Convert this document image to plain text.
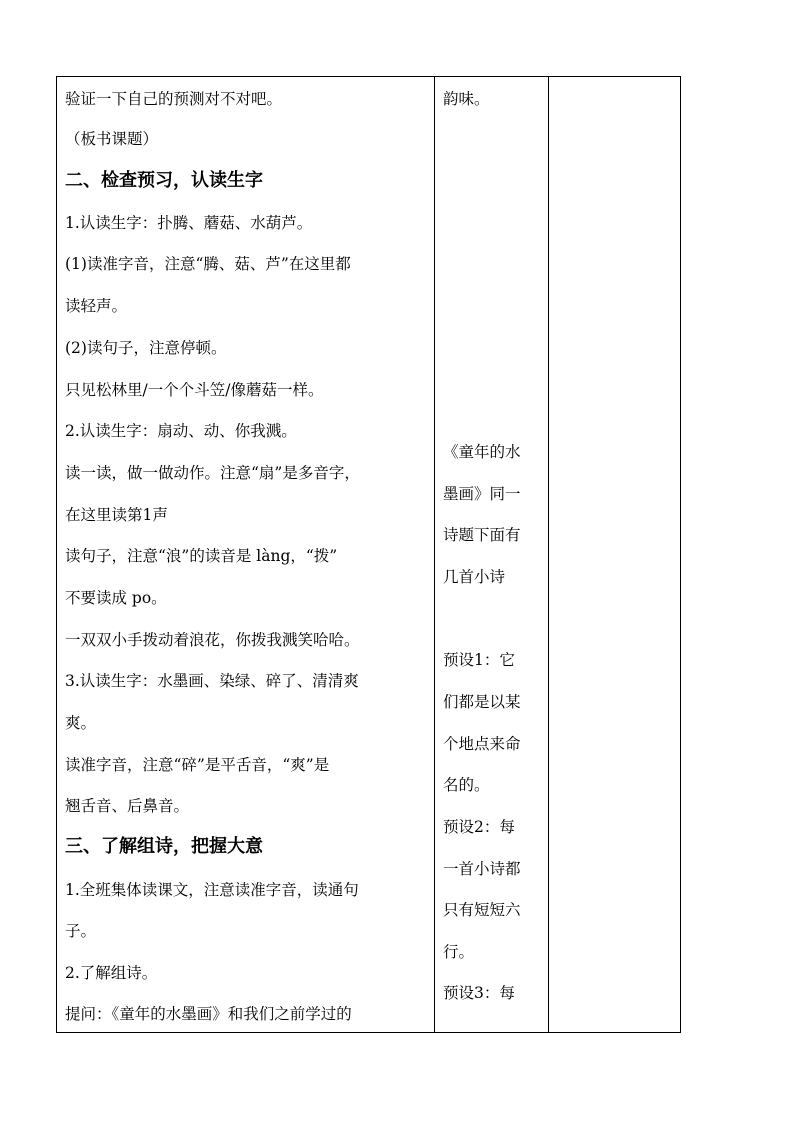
验证一下自己的预测对不对吧。
（板书课题）
二、检查预习，认读生字
1.认读生字：扑腾、蘑菇、水葫芦。
(1)读准字音，注意“腾、菇、芦”在这里都
读轻声。
(2)读句子，注意停顿。
只见松林里/一个个斗笠/像蘑菇一样。
2.认读生字：扇动、动、你我溅。
读一读，做一做动作。注意“扇”是多音字，
在这里读第1声
读句子，注意“浪”的读音是 làng，“拨”
不要读成 po。
一双双小手拨动着浪花，你拨我溅笑哈哈。
3.认读生字：水墨画、染绿、碎了、清清爽
爽。
读准字音，注意“碎”是平舌音，“爽”是
翘舌音、后鼻音。
三、了解组诗，把握大意
1.全班集体读课文，注意读准字音，读通句
子。
2.了解组诗。
提问：《童年的水墨画》和我们之前学过的
韵味。
《童年的水
墨画》同一
诗题下面有
几首小诗
预设1：它
们都是以某
个地点来命
名的。
预设2：每
一首小诗都
只有短短六
行。
预设3：每
